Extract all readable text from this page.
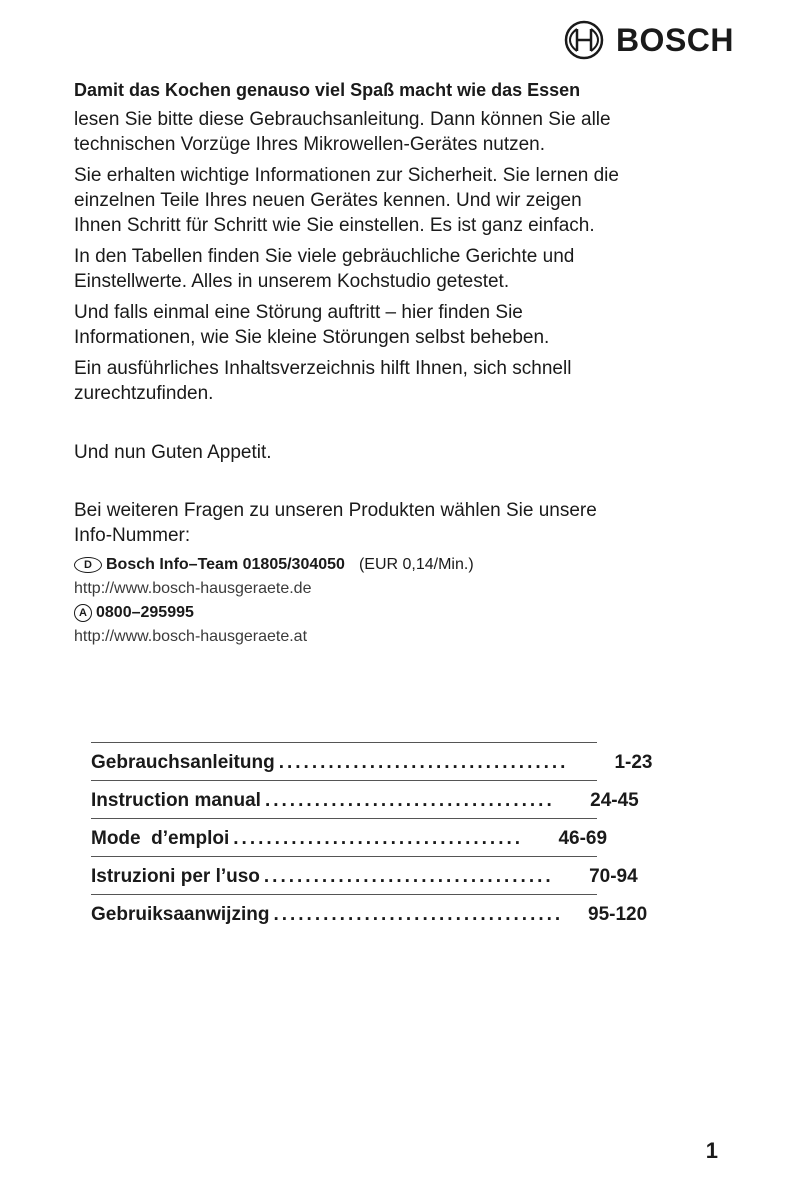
BOSCH

Damit das Kochen genauso viel Spaß macht wie das Essen

lesen Sie bitte diese Gebrauchsanleitung. Dann können Sie alle technischen Vorzüge Ihres Mikrowellen-Gerätes nutzen.

Sie erhalten wichtige Informationen zur Sicherheit. Sie lernen die einzelnen Teile Ihres neuen Gerätes kennen. Und wir zeigen Ihnen Schritt für Schritt wie Sie einstellen. Es ist ganz einfach.

In den Tabellen finden Sie viele gebräuchliche Gerichte und Einstellwerte. Alles in unserem Kochstudio getestet.

Und falls einmal eine Störung auftritt – hier finden Sie Informationen, wie Sie kleine Störungen selbst beheben.

Ein ausführliches Inhaltsverzeichnis hilft Ihnen, sich schnell zurechtzufinden.

Und nun Guten Appetit.

Bei weiteren Fragen zu unseren Produkten wählen Sie unsere Info-Nummer:

D Bosch Info–Team 01805/304050 (EUR 0,14/Min.)
http://www.bosch-hausgeraete.de
A 0800–295995
http://www.bosch-hausgeraete.at
Gebrauchsanleitung ...................................	1-23
Instruction manual ...................................	24-45
Mode  d’emploi ...................................	46-69
Istruzioni per l’uso ...................................	70-94
Gebruiksaanwijzing ...................................	95-120
1
